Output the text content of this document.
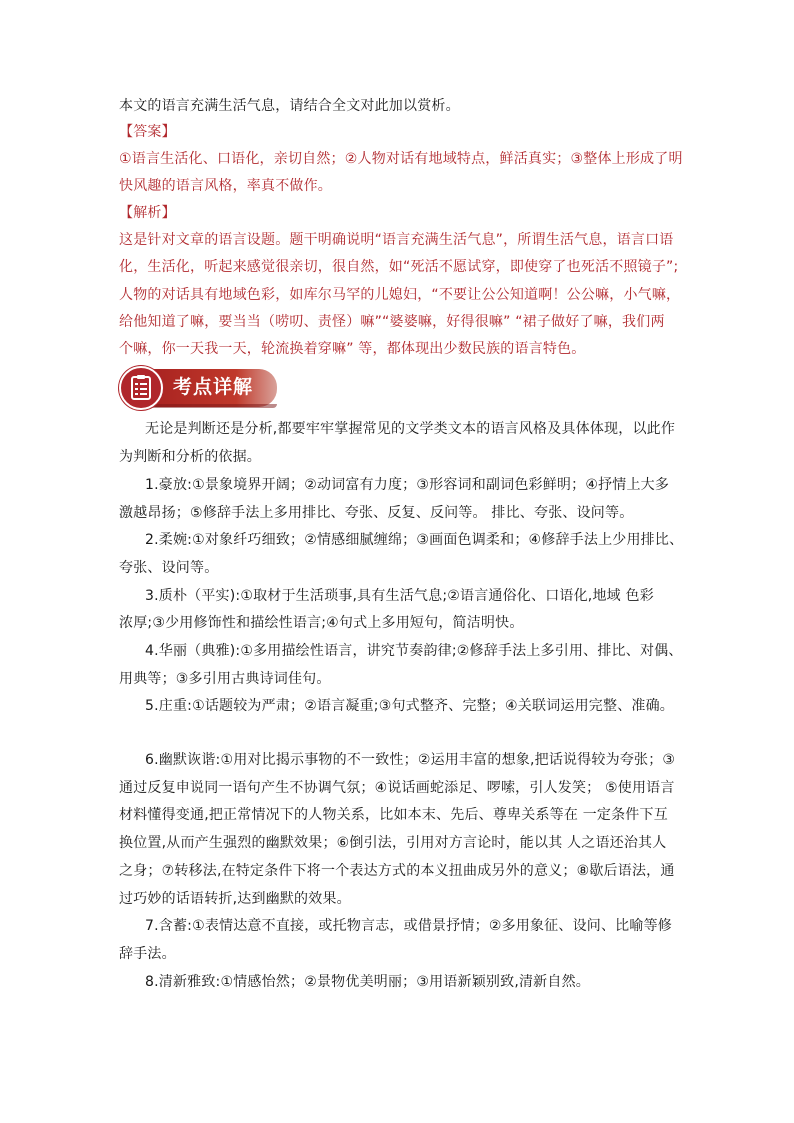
本文的语言充满生活气息，请结合全文对此加以赏析。
【答案】
①语言生活化、口语化，亲切自然；②人物对话有地域特点，鲜活真实；③整体上形成了明
快风趣的语言风格，率真不做作。
【解析】
这是针对文章的语言设题。题干明确说明“语言充满生活气息”，所谓生活气息，语言口语
化，生活化，听起来感觉很亲切，很自然，如“死活不愿试穿，即使穿了也死活不照镜子”;
人物的对话具有地域色彩，如库尔马罕的儿媳妇，“不要让公公知道啊！公公嘛，小气嘛，
给他知道了嘛，要当当（唠叨、责怪）嘛”“婆婆嘛，好得很嘛” “裙子做好了嘛，我们两
个嘛，你一天我一天，轮流换着穿嘛” 等，都体现出少数民族的语言特色。
考点详解
无论是判断还是分析,都要牢牢掌握常见的文学类文本的语言风格及具体体现，以此作
为判断和分析的依据。
1.豪放:①景象境界开阔；②动词富有力度；③形容词和副词色彩鲜明；④抒情上大多
激越昂扬；⑤修辞手法上多用排比、夸张、反复、反问等。 排比、夸张、设问等。
2.柔婉:①对象纤巧细致；②情感细腻缠绵；③画面色调柔和；④修辞手法上少用排比、
夸张、设问等。
3.质朴（平实):①取材于生活琐事,具有生活气息;②语言通俗化、口语化,地域 色彩
浓厚;③少用修饰性和描绘性语言;④句式上多用短句，简洁明快。
4.华丽（典雅):①多用描绘性语言，讲究节奏韵律;②修辞手法上多引用、排比、对偶、
用典等；③多引用古典诗词佳句。
5.庄重:①话题较为严肃；②语言凝重;③句式整齐、完整；④关联词运用完整、准确。
6.幽默诙谐:①用对比揭示事物的不一致性；②运用丰富的想象,把话说得较为夸张；③
通过反复申说同一语句产生不协调气氛；④说话画蛇添足、啰嗦，引人发笑； ⑤使用语言
材料懂得变通,把正常情况下的人物关系，比如本末、先后、尊卑关系等在 一定条件下互
换位置,从而产生强烈的幽默效果；⑥倒引法，引用对方言论时，能以其 人之语还治其人
之身；⑦转移法,在特定条件下将一个表达方式的本义扭曲成另外的意义；⑧歇后语法，通
过巧妙的话语转折,达到幽默的效果。
7.含蓄:①表情达意不直接，或托物言志，或借景抒情；②多用象征、设问、比喻等修
辞手法。
8.清新雅致:①情感怡然；②景物优美明丽；③用语新颖别致,清新自然。
